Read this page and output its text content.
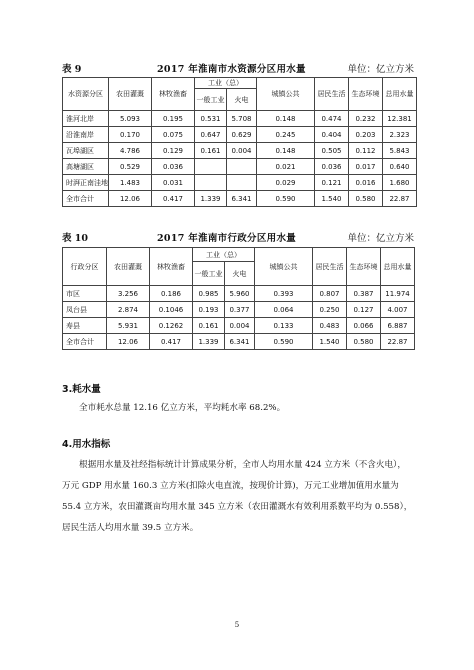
表 9	2017 年淮南市水资源分区用水量	单位：亿立方米
水资源分区	农田灌溉	林牧渔畜	工业（总）		城镇公共	居民生活	生态环境	总用水量
			一般工业	火电				
淮河北岸	5.093	0.195	0.531	5.708	0.148	0.474	0.232	12.381
沿淮南岸	0.170	0.075	0.647	0.629	0.245	0.404	0.203	2.323
瓦埠湖区	4.786	0.129	0.161	0.004	0.148	0.505	0.112	5.843
高塘湖区	0.529	0.036			0.021	0.036	0.017	0.640
时湃正南洼地	1.483	0.031			0.029	0.121	0.016	1.680
全市合计	12.06	0.417	1.339	6.341	0.590	1.540	0.580	22.87
表 10	2017 年淮南市行政分区用水量	单位：亿立方米
行政分区	农田灌溉	林牧渔畜	工业（总）		城镇公共	居民生活	生态环境	总用水量
			一般工业	火电				
市区	3.256	0.186	0.985	5.960	0.393	0.807	0.387	11.974
凤台县	2.874	0.1046	0.193	0.377	0.064	0.250	0.127	4.007
寿县	5.931	0.1262	0.161	0.004	0.133	0.483	0.066	6.887
全市合计	12.06	0.417	1.339	6.341	0.590	1.540	0.580	22.87
3.耗水量

全市耗水总量 12.16 亿立方米，平均耗水率 68.2%。

4.用水指标

根据用水量及社经指标统计计算成果分析，全市人均用水量 424 立方米（不含火电），万元 GDP 用水量 160.3 立方米(扣除火电直流，按现价计算)，万元工业增加值用水量为 55.4 立方米，农田灌溉亩均用水量 345 立方米（农田灌溉水有效利用系数平均为 0.558），居民生活人均用水量 39.5 立方米。

5
